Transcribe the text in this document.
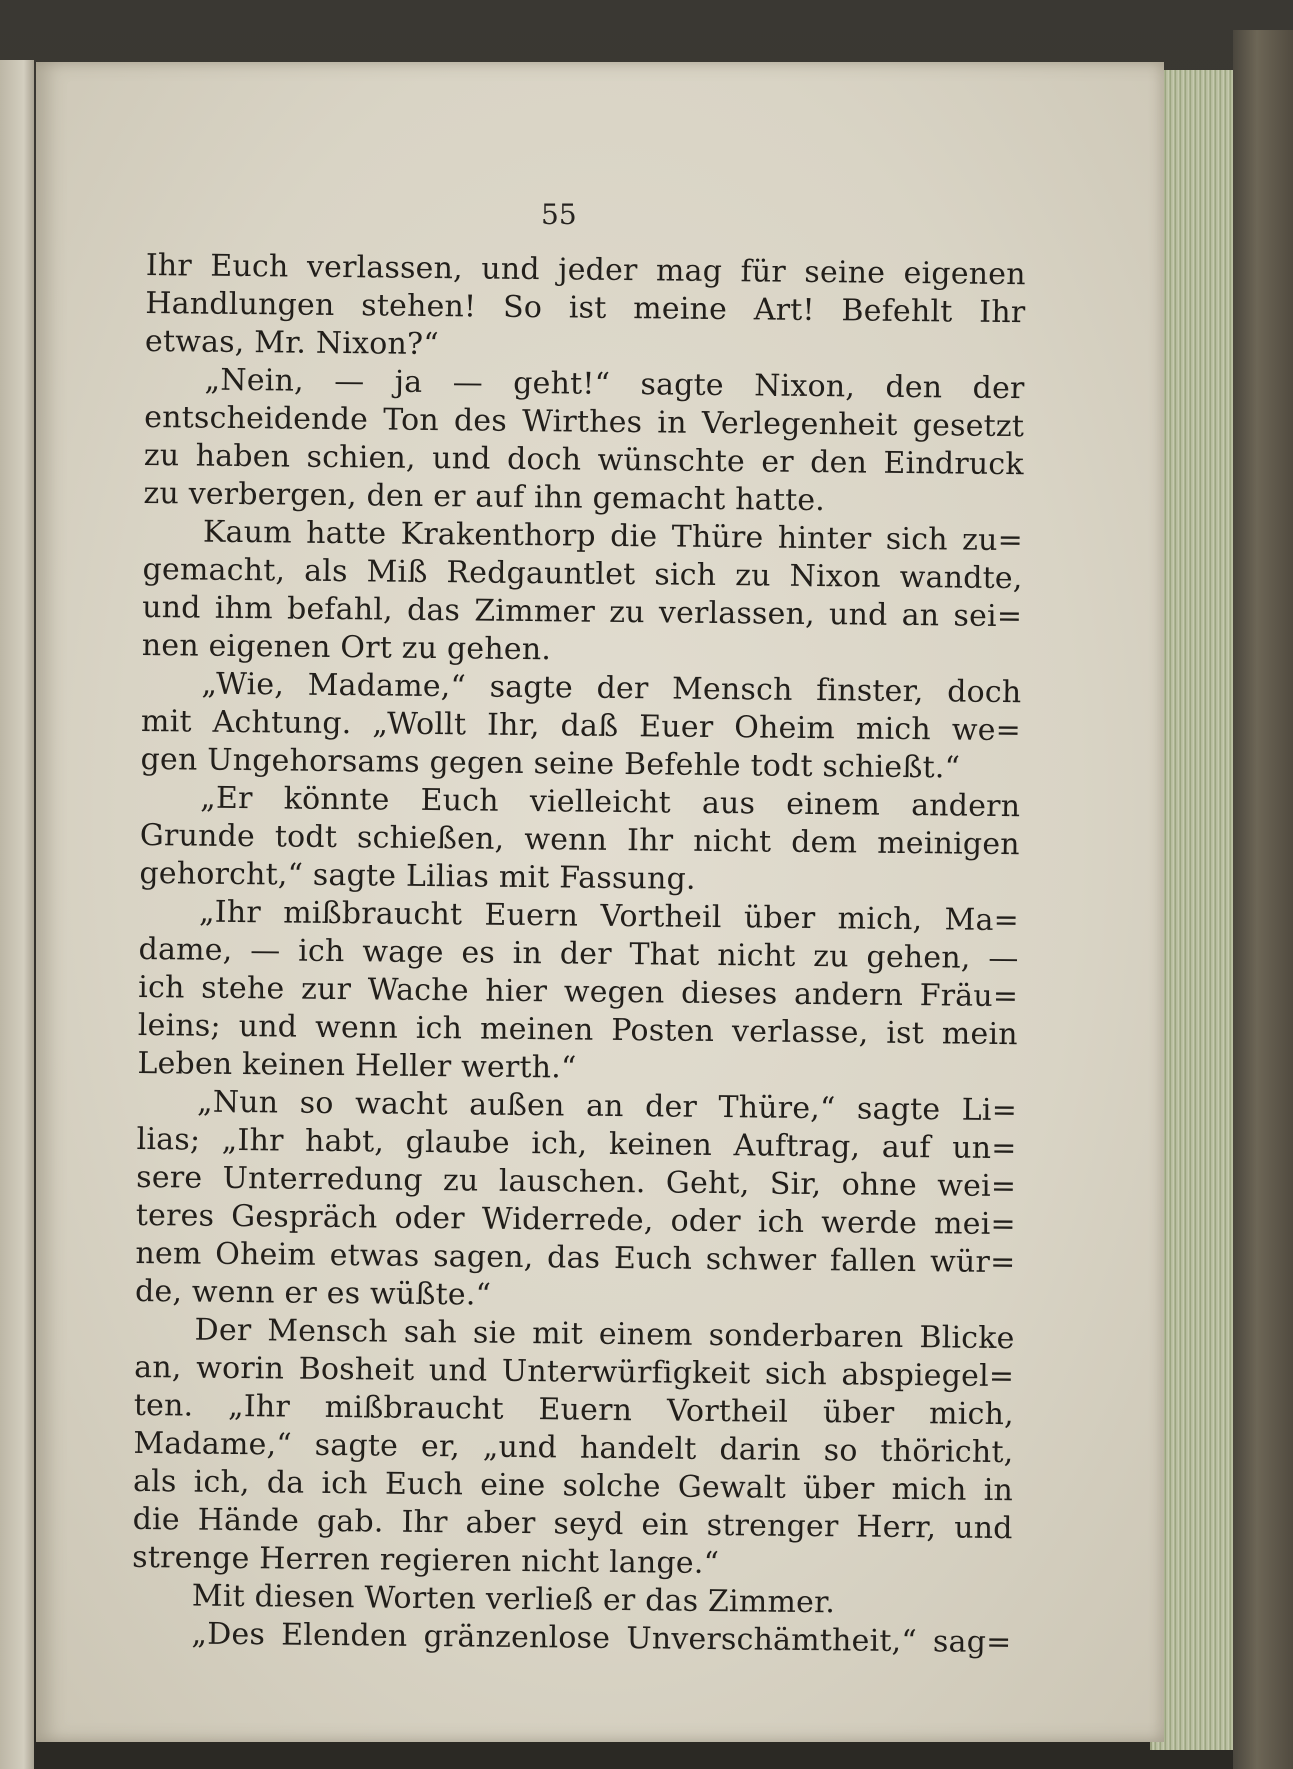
55

Ihr Euch verlassen, und jeder mag für seine eigenen
Handlungen stehen! So ist meine Art! Befehlt Ihr
etwas, Mr. Nixon?“
„Nein, — ja — geht!“ sagte Nixon, den der
entscheidende Ton des Wirthes in Verlegenheit gesetzt
zu haben schien, und doch wünschte er den Eindruck
zu verbergen, den er auf ihn gemacht hatte.
Kaum hatte Krakenthorp die Thüre hinter sich zu=
gemacht, als Miß Redgauntlet sich zu Nixon wandte,
und ihm befahl, das Zimmer zu verlassen, und an sei=
nen eigenen Ort zu gehen.
„Wie, Madame,“ sagte der Mensch finster, doch
mit Achtung. „Wollt Ihr, daß Euer Oheim mich we=
gen Ungehorsams gegen seine Befehle todt schießt.“
„Er könnte Euch vielleicht aus einem andern
Grunde todt schießen, wenn Ihr nicht dem meinigen
gehorcht,“ sagte Lilias mit Fassung.
„Ihr mißbraucht Euern Vortheil über mich, Ma=
dame, — ich wage es in der That nicht zu gehen, —
ich stehe zur Wache hier wegen dieses andern Fräu=
leins; und wenn ich meinen Posten verlasse, ist mein
Leben keinen Heller werth.“
„Nun so wacht außen an der Thüre,“ sagte Li=
lias; „Ihr habt, glaube ich, keinen Auftrag, auf un=
sere Unterredung zu lauschen. Geht, Sir, ohne wei=
teres Gespräch oder Widerrede, oder ich werde mei=
nem Oheim etwas sagen, das Euch schwer fallen wür=
de, wenn er es wüßte.“
Der Mensch sah sie mit einem sonderbaren Blicke
an, worin Bosheit und Unterwürfigkeit sich abspiegel=
ten. „Ihr mißbraucht Euern Vortheil über mich,
Madame,“ sagte er, „und handelt darin so thöricht,
als ich, da ich Euch eine solche Gewalt über mich in
die Hände gab. Ihr aber seyd ein strenger Herr, und
strenge Herren regieren nicht lange.“
Mit diesen Worten verließ er das Zimmer.
„Des Elenden gränzenlose Unverschämtheit,“ sag=
